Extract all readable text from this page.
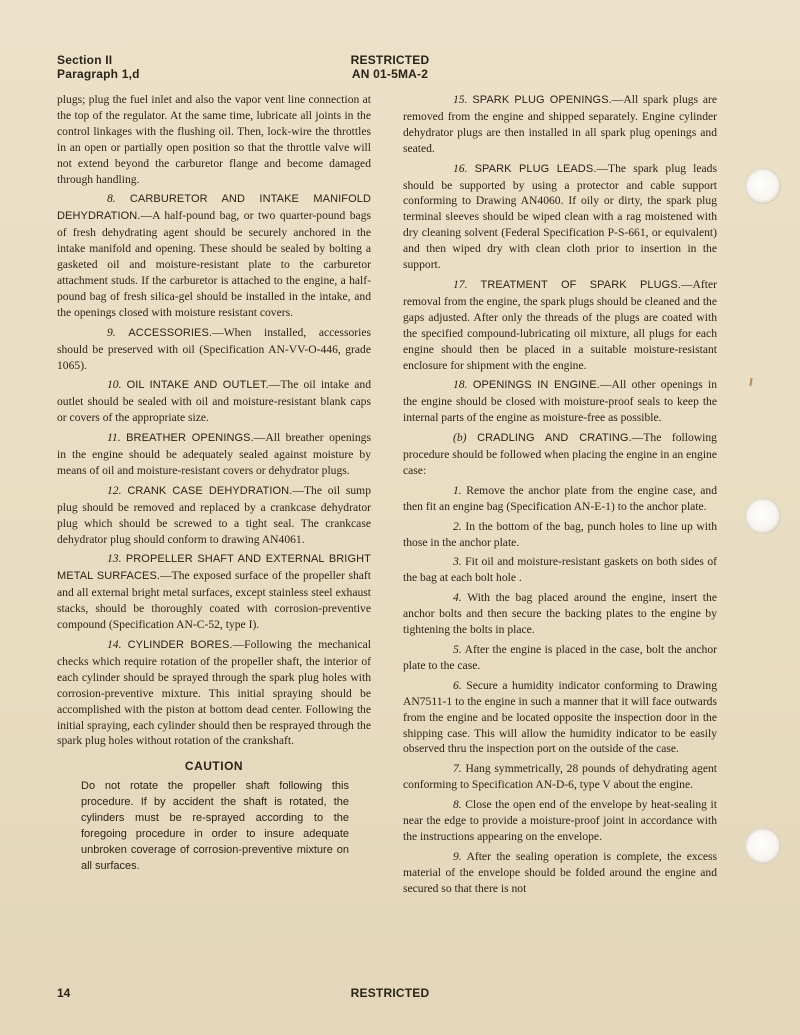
Section II
Paragraph 1,d
RESTRICTED
AN 01-5MA-2

plugs; plug the fuel inlet and also the vapor vent line connection at the top of the regulator. At the same time, lubricate all joints in the control linkages with the flushing oil. Then, lock-wire the throttles in an open or partially open position so that the throttle valve will not extend beyond the carburetor flange and become damaged through handling.

8. CARBURETOR AND INTAKE MANIFOLD DEHYDRATION.—A half-pound bag, or two quarter-pound bags of fresh dehydrating agent should be securely anchored in the intake manifold and opening. These should be sealed by bolting a gasketed oil and moisture-resistant plate to the carburetor attachment studs. If the carburetor is attached to the engine, a half-pound bag of fresh silica-gel should be installed in the intake, and the openings closed with moisture resistant covers.

9. ACCESSORIES.—When installed, accessories should be preserved with oil (Specification AN-VV-O-446, grade 1065).

10. OIL INTAKE AND OUTLET.—The oil intake and outlet should be sealed with oil and moisture-resistant blank caps or covers of the appropriate size.

11. BREATHER OPENINGS.—All breather openings in the engine should be adequately sealed against moisture by means of oil and moisture-resistant covers or dehydrator plugs.

12. CRANK CASE DEHYDRATION.—The oil sump plug should be removed and replaced by a crankcase dehydrator plug which should be screwed to a tight seal. The crankcase dehydrator plug should conform to drawing AN4061.

13. PROPELLER SHAFT AND EXTERNAL BRIGHT METAL SURFACES.—The exposed surface of the propeller shaft and all external bright metal surfaces, except stainless steel exhaust stacks, should be thoroughly coated with corrosion-preventive compound (Specification AN-C-52, type I).

14. CYLINDER BORES.—Following the mechanical checks which require rotation of the propeller shaft, the interior of each cylinder should be sprayed through the spark plug holes with corrosion-preventive mixture. This initial spraying should be accomplished with the piston at bottom dead center. Following the initial spraying, each cylinder should then be resprayed through the spark plug holes without rotation of the crankshaft.

CAUTION
Do not rotate the propeller shaft following this procedure. If by accident the shaft is rotated, the cylinders must be re-sprayed according to the foregoing procedure in order to insure adequate unbroken coverage of corrosion-preventive mixture on all surfaces.

15. SPARK PLUG OPENINGS.—All spark plugs are removed from the engine and shipped separately. Engine cylinder dehydrator plugs are then installed in all spark plug openings and seated.

16. SPARK PLUG LEADS.—The spark plug leads should be supported by using a protector and cable support conforming to Drawing AN4060. If oily or dirty, the spark plug terminal sleeves should be wiped clean with a rag moistened with dry cleaning solvent (Federal Specification P-S-661, or equivalent) and then wiped dry with clean cloth prior to insertion in the support.

17. TREATMENT OF SPARK PLUGS.—After removal from the engine, the spark plugs should be cleaned and the gaps adjusted. After only the threads of the plugs are coated with the specified compound-lubricating oil mixture, all plugs for each engine should then be placed in a suitable moisture-resistant enclosure for shipment with the engine.

18. OPENINGS IN ENGINE.—All other openings in the engine should be closed with moisture-proof seals to keep the internal parts of the engine as moisture-free as possible.

(b) CRADLING AND CRATING.—The following procedure should be followed when placing the engine in an engine case:

1. Remove the anchor plate from the engine case, and then fit an engine bag (Specification AN-E-1) to the anchor plate.

2. In the bottom of the bag, punch holes to line up with those in the anchor plate.

3. Fit oil and moisture-resistant gaskets on both sides of the bag at each bolt hole .

4. With the bag placed around the engine, insert the anchor bolts and then secure the backing plates to the engine by tightening the bolts in place.

5. After the engine is placed in the case, bolt the anchor plate to the case.

6. Secure a humidity indicator conforming to Drawing AN7511-1 to the engine in such a manner that it will face outwards from the engine and be located opposite the inspection door in the shipping case. This will allow the humidity indicator to be easily observed thru the inspection port on the outside of the case.

7. Hang symmetrically, 28 pounds of dehydrating agent conforming to Specification AN-D-6, type V about the engine.

8. Close the open end of the envelope by heat-sealing it near the edge to provide a moisture-proof joint in accordance with the instructions appearing on the envelope.

9. After the sealing operation is complete, the excess material of the envelope should be folded around the engine and secured so that there is not

14	RESTRICTED
